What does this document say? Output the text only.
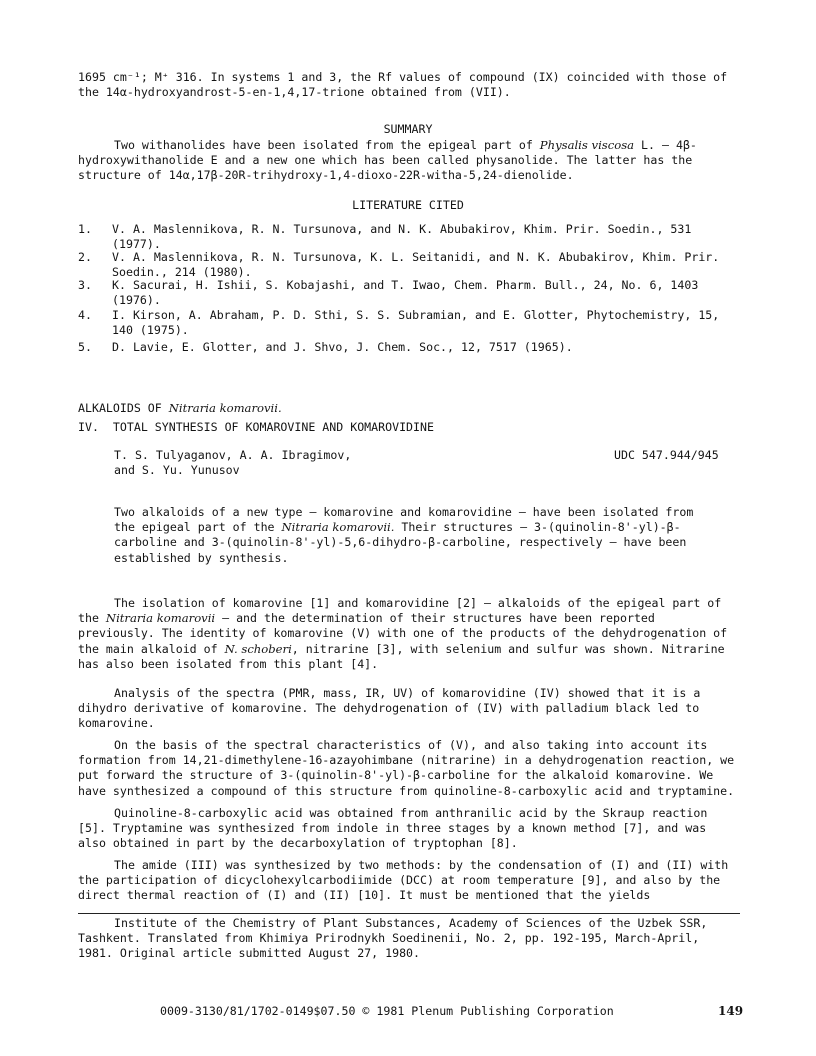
1695 cm⁻¹; M⁺ 316. In systems 1 and 3, the Rf values of compound (IX) coincided with those of the 14α-hydroxyandrost-5-en-1,4,17-trione obtained from (VII).
SUMMARY
Two withanolides have been isolated from the epigeal part of Physalis viscosa L. — 4β-hydroxywithanolide E and a new one which has been called physanolide. The latter has the structure of 14α,17β-20R-trihydroxy-1,4-dioxo-22R-witha-5,24-dienolide.
LITERATURE CITED
1.	V. A. Maslennikova, R. N. Tursunova, and N. K. Abubakirov, Khim. Prir. Soedin., 531 (1977).
2.	V. A. Maslennikova, R. N. Tursunova, K. L. Seitanidi, and N. K. Abubakirov, Khim. Prir. Soedin., 214 (1980).
3.	K. Sacurai, H. Ishii, S. Kobajashi, and T. Iwao, Chem. Pharm. Bull., 24, No. 6, 1403 (1976).
4.	I. Kirson, A. Abraham, P. D. Sthi, S. S. Subramian, and E. Glotter, Phytochemistry, 15, 140 (1975).
5.	D. Lavie, E. Glotter, and J. Shvo, J. Chem. Soc., 12, 7517 (1965).
ALKALOIDS OF Nitraria komarovii.
IV.  TOTAL SYNTHESIS OF KOMAROVINE AND KOMAROVIDINE
T. S. Tulyaganov, A. A. Ibragimov,
and S. Yu. Yunusov
UDC 547.944/945
Two alkaloids of a new type — komarovine and komarovidine — have been isolated from the epigeal part of the Nitraria komarovii. Their structures — 3-(quinolin-8'-yl)-β-carboline and 3-(quinolin-8'-yl)-5,6-dihydro-β-carboline, respectively — have been established by synthesis.
The isolation of komarovine [1] and komarovidine [2] — alkaloids of the epigeal part of the Nitraria komarovii — and the determination of their structures have been reported previously. The identity of komarovine (V) with one of the products of the dehydrogenation of the main alkaloid of N. schoberi, nitrarine [3], with selenium and sulfur was shown. Nitrarine has also been isolated from this plant [4].
Analysis of the spectra (PMR, mass, IR, UV) of komarovidine (IV) showed that it is a dihydro derivative of komarovine. The dehydrogenation of (IV) with palladium black led to komarovine.
On the basis of the spectral characteristics of (V), and also taking into account its formation from 14,21-dimethylene-16-azayohimbane (nitrarine) in a dehydrogenation reaction, we put forward the structure of 3-(quinolin-8'-yl)-β-carboline for the alkaloid komarovine. We have synthesized a compound of this structure from quinoline-8-carboxylic acid and tryptamine.
Quinoline-8-carboxylic acid was obtained from anthranilic acid by the Skraup reaction [5]. Tryptamine was synthesized from indole in three stages by a known method [7], and was also obtained in part by the decarboxylation of tryptophan [8].
The amide (III) was synthesized by two methods: by the condensation of (I) and (II) with the participation of dicyclohexylcarbodiimide (DCC) at room temperature [9], and also by the direct thermal reaction of (I) and (II) [10]. It must be mentioned that the yields
Institute of the Chemistry of Plant Substances, Academy of Sciences of the Uzbek SSR, Tashkent. Translated from Khimiya Prirodnykh Soedinenii, No. 2, pp. 192-195, March-April, 1981. Original article submitted August 27, 1980.
0009-3130/81/1702-0149$07.50 © 1981 Plenum Publishing Corporation	149
